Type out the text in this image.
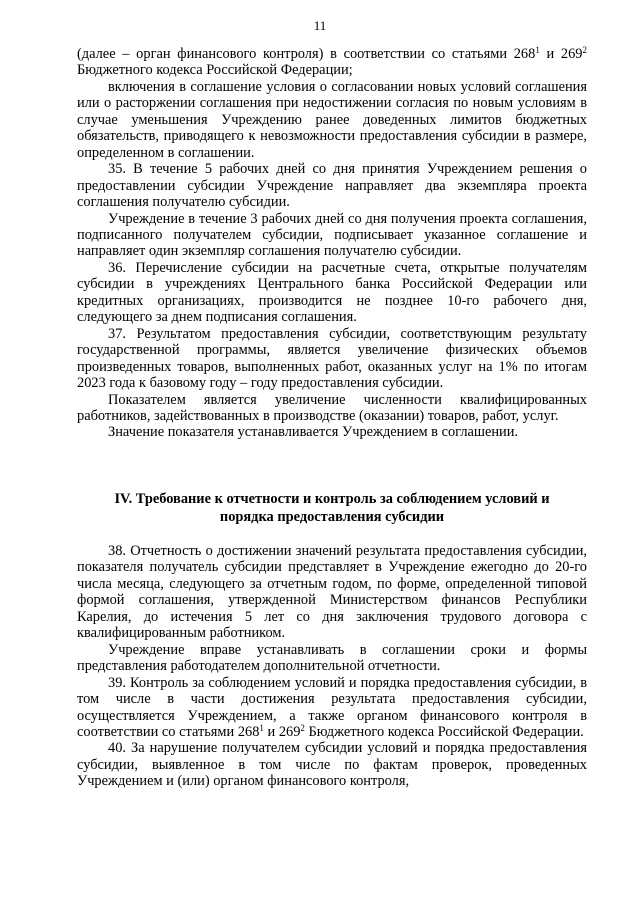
11

(далее – орган финансового контроля) в соответствии со статьями $268^1$ и $269^2$ Бюджетного кодекса Российской Федерации;

включения в соглашение условия о согласовании новых условий соглашения или о расторжении соглашения при недостижении согласия по новым условиям в случае уменьшения Учреждению ранее доведенных лимитов бюджетных обязательств, приводящего к невозможности предоставления субсидии в размере, определенном в соглашении.

35. В течение 5 рабочих дней со дня принятия Учреждением решения о предоставлении субсидии Учреждение направляет два экземпляра проекта соглашения получателю субсидии.

Учреждение в течение 3 рабочих дней со дня получения проекта соглашения, подписанного получателем субсидии, подписывает указанное соглашение и направляет один экземпляр соглашения получателю субсидии.

36. Перечисление субсидии на расчетные счета, открытые получателям субсидии в учреждениях Центрального банка Российской Федерации или кредитных организациях, производится не позднее 10-го рабочего дня, следующего за днем подписания соглашения.

37. Результатом предоставления субсидии, соответствующим результату государственной программы, является увеличение физических объемов произведенных товаров, выполненных работ, оказанных услуг на 1% по итогам 2023 года к базовому году – году предоставления субсидии.

Показателем является увеличение численности квалифицированных работников, задействованных в производстве (оказании) товаров, работ, услуг.

Значение показателя устанавливается Учреждением в соглашении.

IV. Требование к отчетности и контроль за соблюдением условий и
порядка предоставления субсидии

38. Отчетность о достижении значений результата предоставления субсидии, показателя получатель субсидии представляет в Учреждение ежегодно до 20-го числа месяца, следующего за отчетным годом, по форме, определенной типовой формой соглашения, утвержденной Министерством финансов Республики Карелия, до истечения 5 лет со дня заключения трудового договора с квалифицированным работником.

Учреждение вправе устанавливать в соглашении сроки и формы представления работодателем дополнительной отчетности.

39. Контроль за соблюдением условий и порядка предоставления субсидии, в том числе в части достижения результата предоставления субсидии, осуществляется Учреждением, а также органом финансового контроля в соответствии со статьями $268^1$ и $269^2$ Бюджетного кодекса Российской Федерации.

40. За нарушение получателем субсидии условий и порядка предоставления субсидии, выявленное в том числе по фактам проверок, проведенных Учреждением и (или) органом финансового контроля,
